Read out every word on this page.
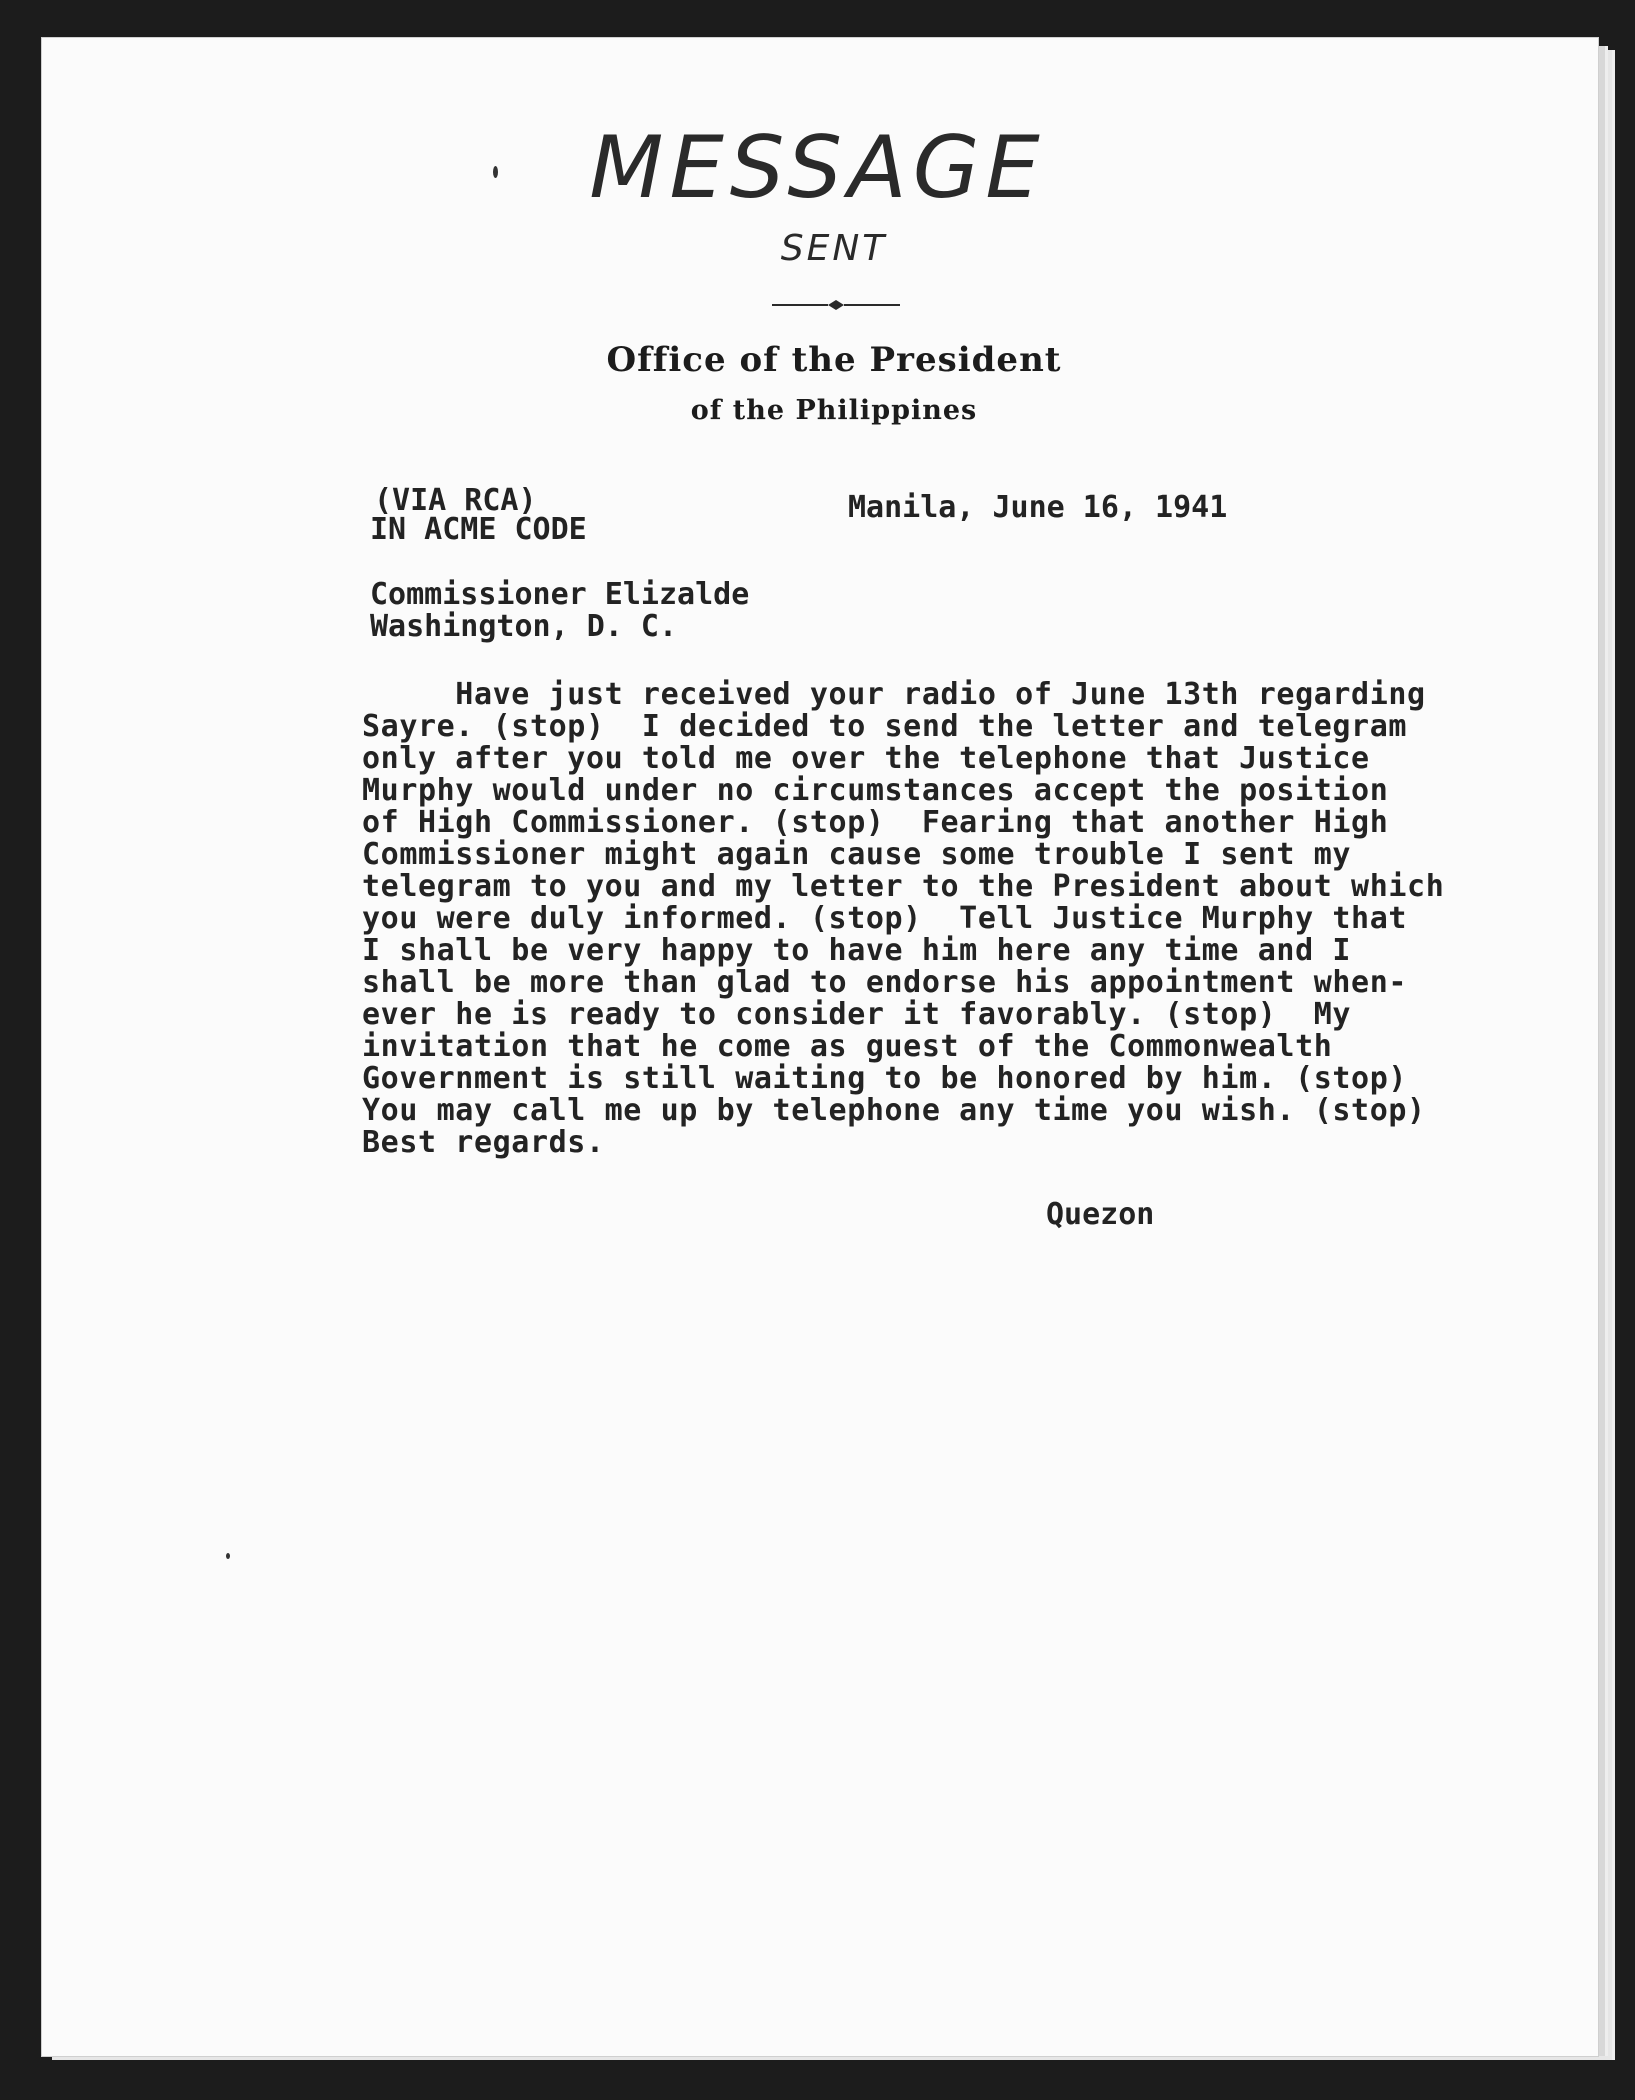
MESSAGE
SENT
Office of the President
of the Philippines
(VIA RCA)
IN ACME CODE
Manila, June 16, 1941
Commissioner Elizalde
Washington, D. C.
Have just received your radio of June 13th regarding
Sayre. (stop)  I decided to send the letter and telegram
only after you told me over the telephone that Justice
Murphy would under no circumstances accept the position
of High Commissioner. (stop)  Fearing that another High
Commissioner might again cause some trouble I sent my
telegram to you and my letter to the President about which
you were duly informed. (stop)  Tell Justice Murphy that
I shall be very happy to have him here any time and I
shall be more than glad to endorse his appointment when-
ever he is ready to consider it favorably. (stop)  My
invitation that he come as guest of the Commonwealth
Government is still waiting to be honored by him. (stop)
You may call me up by telephone any time you wish. (stop)
Best regards.
Quezon
